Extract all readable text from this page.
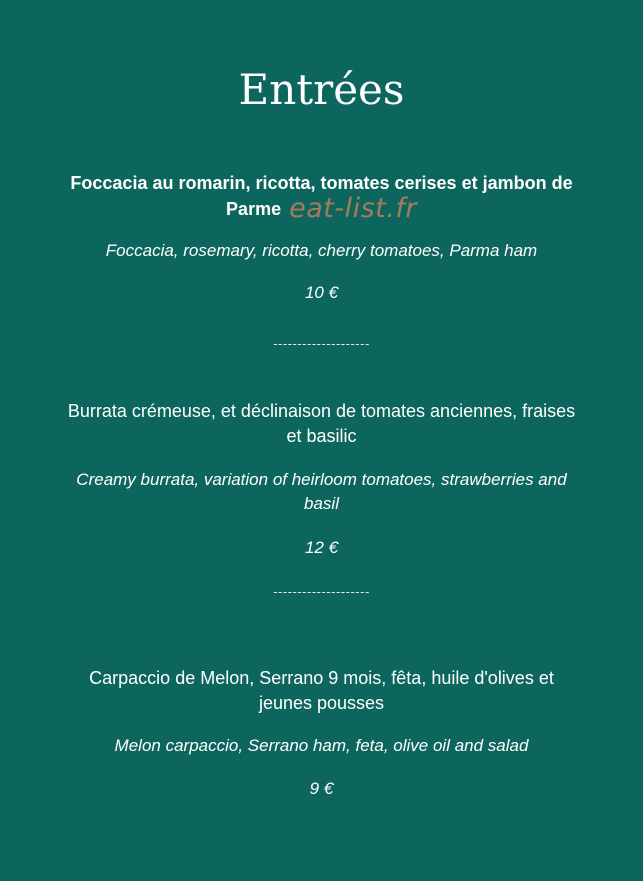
Entrées

Foccacia au romarin, ricotta, tomates cerises et jambon de Parme eat-list.fr

Foccacia, rosemary, ricotta, cherry tomatoes, Parma ham

10 €

--------------------

Burrata crémeuse, et déclinaison de tomates anciennes, fraises et basilic

Creamy burrata, variation of heirloom tomatoes, strawberries and basil

12 €

--------------------

Carpaccio de Melon, Serrano 9 mois, fêta, huile d'olives et jeunes pousses

Melon carpaccio, Serrano ham, feta, olive oil and salad

9 €
